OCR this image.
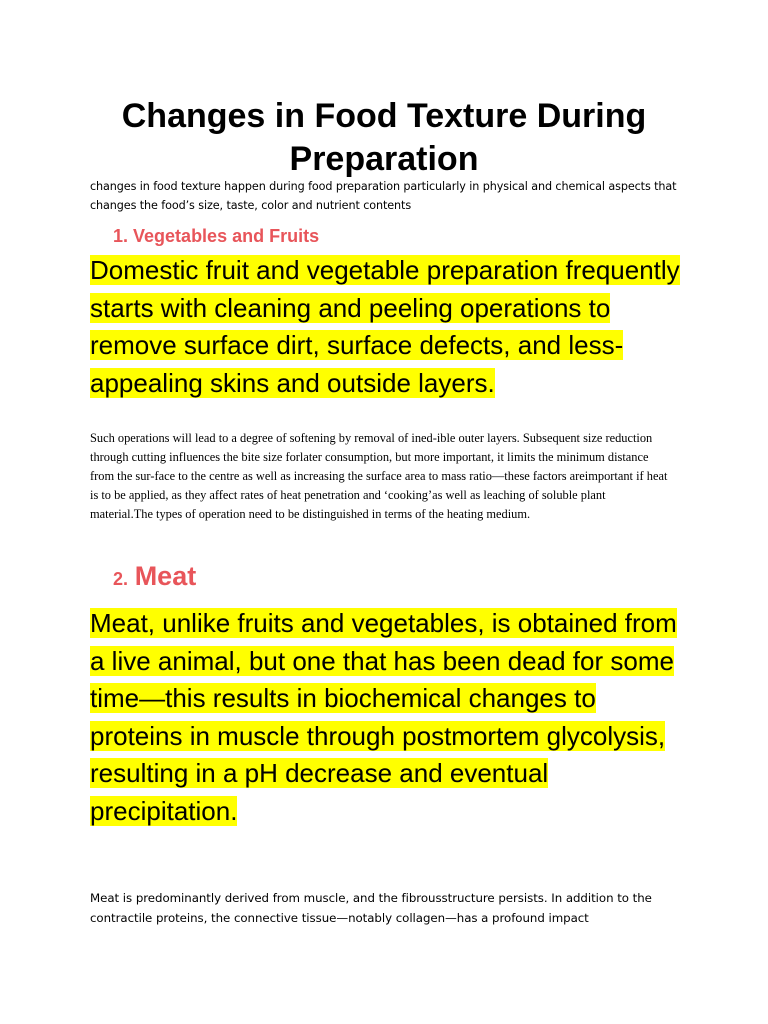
Changes in Food Texture During Preparation

changes in food texture happen during food preparation particularly in physical and chemical aspects that changes the food’s size, taste, color and nutrient contents

1. Vegetables and Fruits

Domestic fruit and vegetable preparation frequently starts with cleaning and peeling operations to remove surface dirt, surface defects, and less-appealing skins and outside layers.

Such operations will lead to a degree of softening by removal of ined-ible outer layers. Subsequent size reduction through cutting influences the bite size forlater consumption, but more important, it limits the minimum distance from the sur-face to the centre as well as increasing the surface area to mass ratio—these factors areimportant if heat is to be applied, as they affect rates of heat penetration and ‘cooking’as well as leaching of soluble plant material.The types of operation need to be distinguished in terms of the heating medium.

2. Meat

Meat, unlike fruits and vegetables, is obtained from a live animal, but one that has been dead for some time—this results in biochemical changes to proteins in muscle through postmortem glycolysis, resulting in a pH decrease and eventual precipitation.

Meat is predominantly derived from muscle, and the fibrousstructure persists. In addition to the contractile proteins, the connective tissue—notably collagen—has a profound impact
